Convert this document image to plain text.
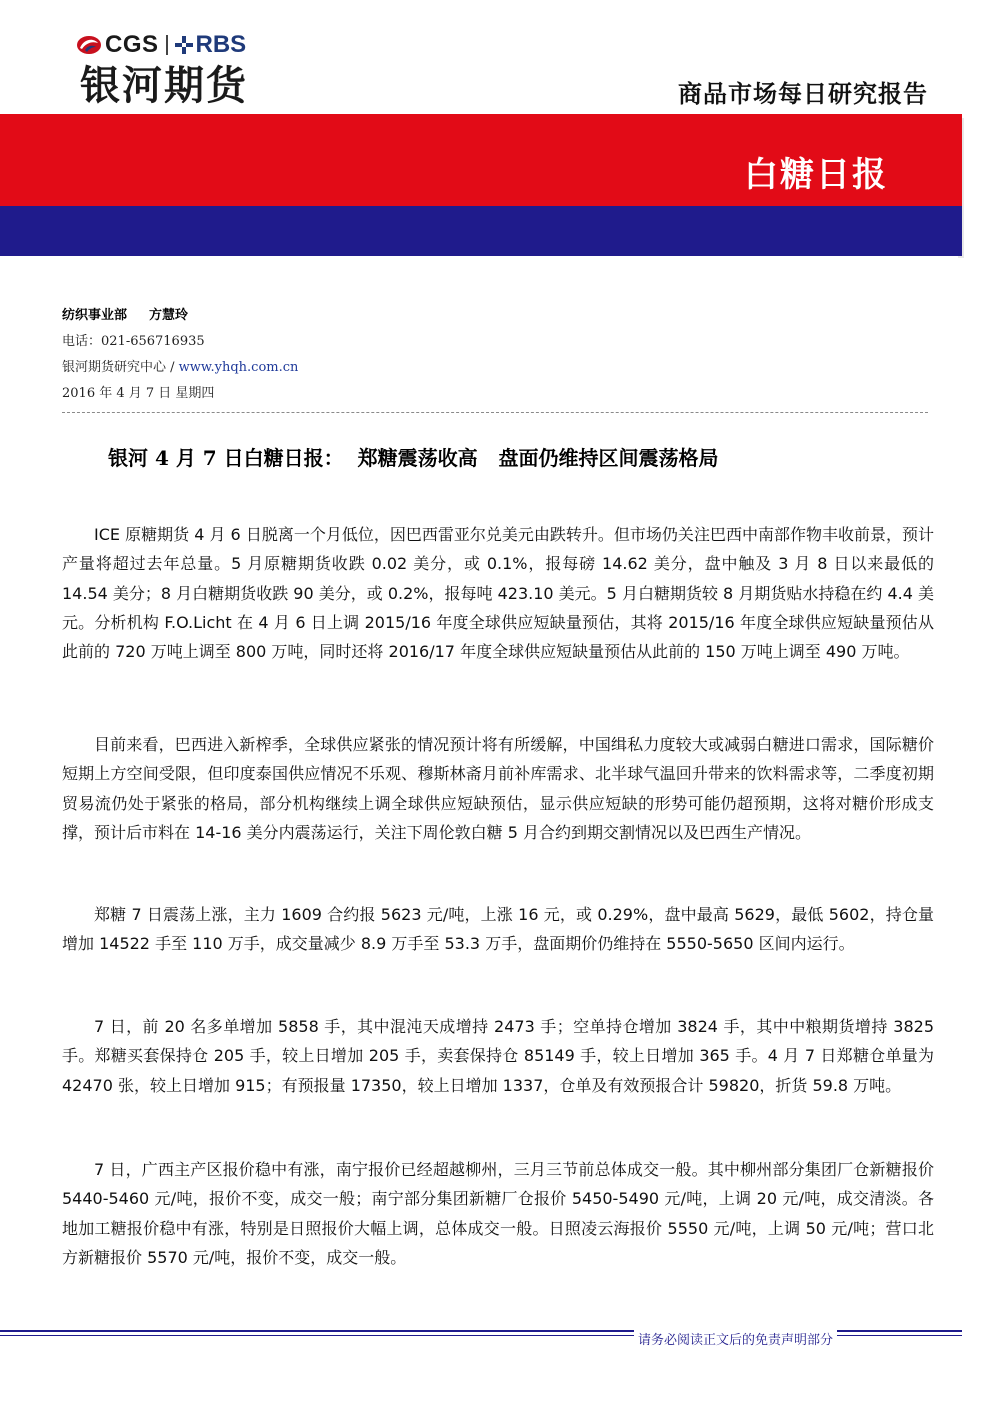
CGS RBS
银河期货	商品市场每日研究报告
白糖日报
纺织事业部 方慧玲
电话：021-656716935
银河期货研究中心 / www.yhqh.com.cn
2016 年 4 月 7 日 星期四
银河 4 月 7 日白糖日报：  郑糖震荡收高   盘面仍维持区间震荡格局
ICE 原糖期货 4 月 6 日脱离一个月低位，因巴西雷亚尔兑美元由跌转升。但市场仍关注巴西中南部作物丰收前景，预计产量将超过去年总量。5 月原糖期货收跌 0.02 美分，或 0.1%，报每磅 14.62 美分，盘中触及 3 月 8 日以来最低的 14.54 美分；8 月白糖期货收跌 90 美分，或 0.2%，报每吨 423.10 美元。5 月白糖期货较 8 月期货贴水持稳在约 4.4 美元。分析机构 F.O.Licht 在 4 月 6 日上调 2015/16 年度全球供应短缺量预估，其将 2015/16 年度全球供应短缺量预估从此前的 720 万吨上调至 800 万吨，同时还将 2016/17 年度全球供应短缺量预估从此前的 150 万吨上调至 490 万吨。
目前来看，巴西进入新榨季，全球供应紧张的情况预计将有所缓解，中国缉私力度较大或减弱白糖进口需求，国际糖价短期上方空间受限，但印度泰国供应情况不乐观、穆斯林斋月前补库需求、北半球气温回升带来的饮料需求等，二季度初期贸易流仍处于紧张的格局，部分机构继续上调全球供应短缺预估，显示供应短缺的形势可能仍超预期，这将对糖价形成支撑，预计后市料在 14-16 美分内震荡运行，关注下周伦敦白糖 5 月合约到期交割情况以及巴西生产情况。
郑糖 7 日震荡上涨，主力 1609 合约报 5623 元/吨，上涨 16 元，或 0.29%，盘中最高 5629，最低 5602，持仓量增加 14522 手至 110 万手，成交量减少 8.9 万手至 53.3 万手，盘面期价仍维持在 5550-5650 区间内运行。
7 日，前 20 名多单增加 5858 手，其中混沌天成增持 2473 手；空单持仓增加 3824 手，其中中粮期货增持 3825 手。郑糖买套保持仓 205 手，较上日增加 205 手，卖套保持仓 85149 手，较上日增加 365 手。4 月 7 日郑糖仓单量为 42470 张，较上日增加 915；有预报量 17350，较上日增加 1337，仓单及有效预报合计 59820，折货 59.8 万吨。
7 日，广西主产区报价稳中有涨，南宁报价已经超越柳州，三月三节前总体成交一般。其中柳州部分集团厂仓新糖报价 5440-5460 元/吨，报价不变，成交一般；南宁部分集团新糖厂仓报价 5450-5490 元/吨，上调 20 元/吨，成交清淡。各地加工糖报价稳中有涨，特别是日照报价大幅上调，总体成交一般。日照凌云海报价 5550 元/吨，上调 50 元/吨；营口北方新糖报价 5570 元/吨，报价不变，成交一般。
请务必阅读正文后的免责声明部分
